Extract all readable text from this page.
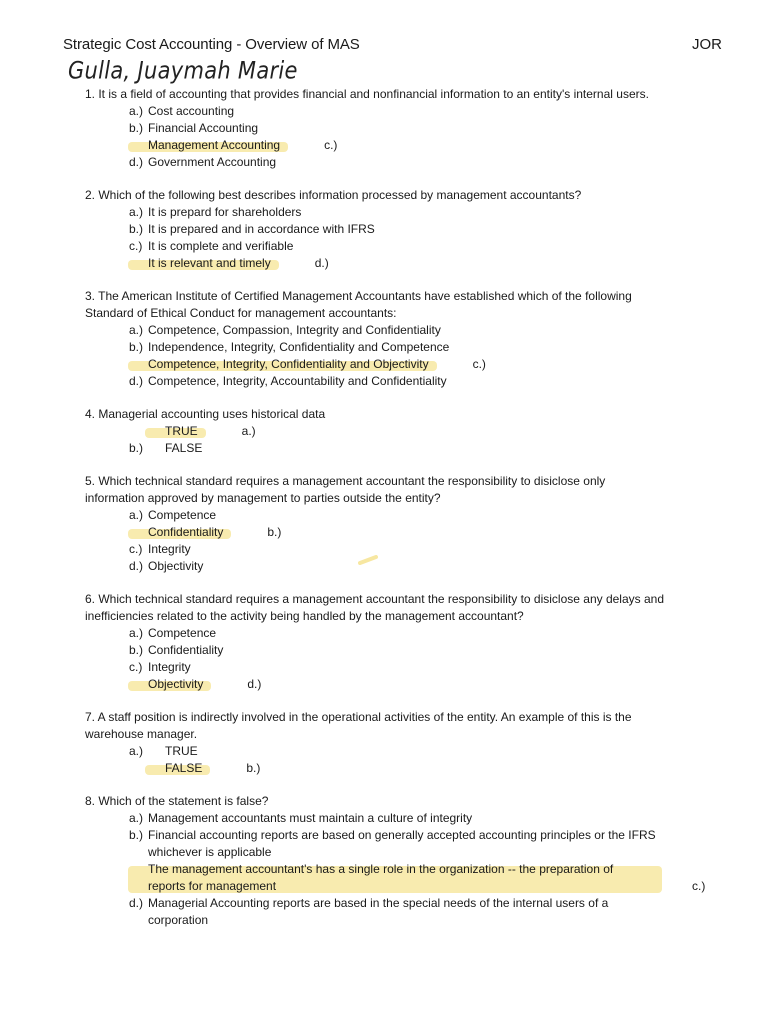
Strategic Cost Accounting - Overview of MAS	JOR
Gulla, Juaymah Marie
1. It is a field of accounting that provides financial and nonfinancial information to an entity's internal users.
a.) Cost accounting
b.) Financial Accounting
Management Accounting	c.)
d.) Government Accounting
2. Which of the following best describes information processed by management accountants?
a.) It is prepard for shareholders
b.) It is prepared and in accordance with IFRS
c.) It is complete and verifiable
It is relevant and timely	d.)
3. The American Institute of Certified Management Accountants have established which of the following Standard of Ethical Conduct for management accountants:
a.) Competence, Compassion, Integrity and Confidentiality
b.) Independence, Integrity, Confidentiality and Competence
Competence, Integrity, Confidentiality and Objectivity	c.)
d.) Competence, Integrity, Accountability and Confidentiality
4. Managerial accounting uses historical data
TRUE	a.)
b.) FALSE
5. Which technical standard requires a management accountant the responsibility to disiclose only information approved by management to parties outside the entity?
a.) Competence
Confidentiality	b.)
c.) Integrity
d.) Objectivity
6. Which technical standard requires a management accountant the responsibility to disiclose any delays and inefficiencies related to the activity being handled by the management accountant?
a.) Competence
b.) Confidentiality
c.) Integrity
Objectivity	d.)
7. A staff position is indirectly involved in the operational activities of the entity. An example of this is the warehouse manager.
a.) TRUE
FALSE	b.)
8. Which of the statement is false?
a.) Management accountants must maintain a culture of integrity
b.) Financial accounting reports are based on generally accepted accounting principles or the IFRS whichever is applicable
The management accountant's has a single role in the organization -- the preparation of reports for management	c.)
d.) Managerial Accounting reports are based in the special needs of the internal users of a corporation
